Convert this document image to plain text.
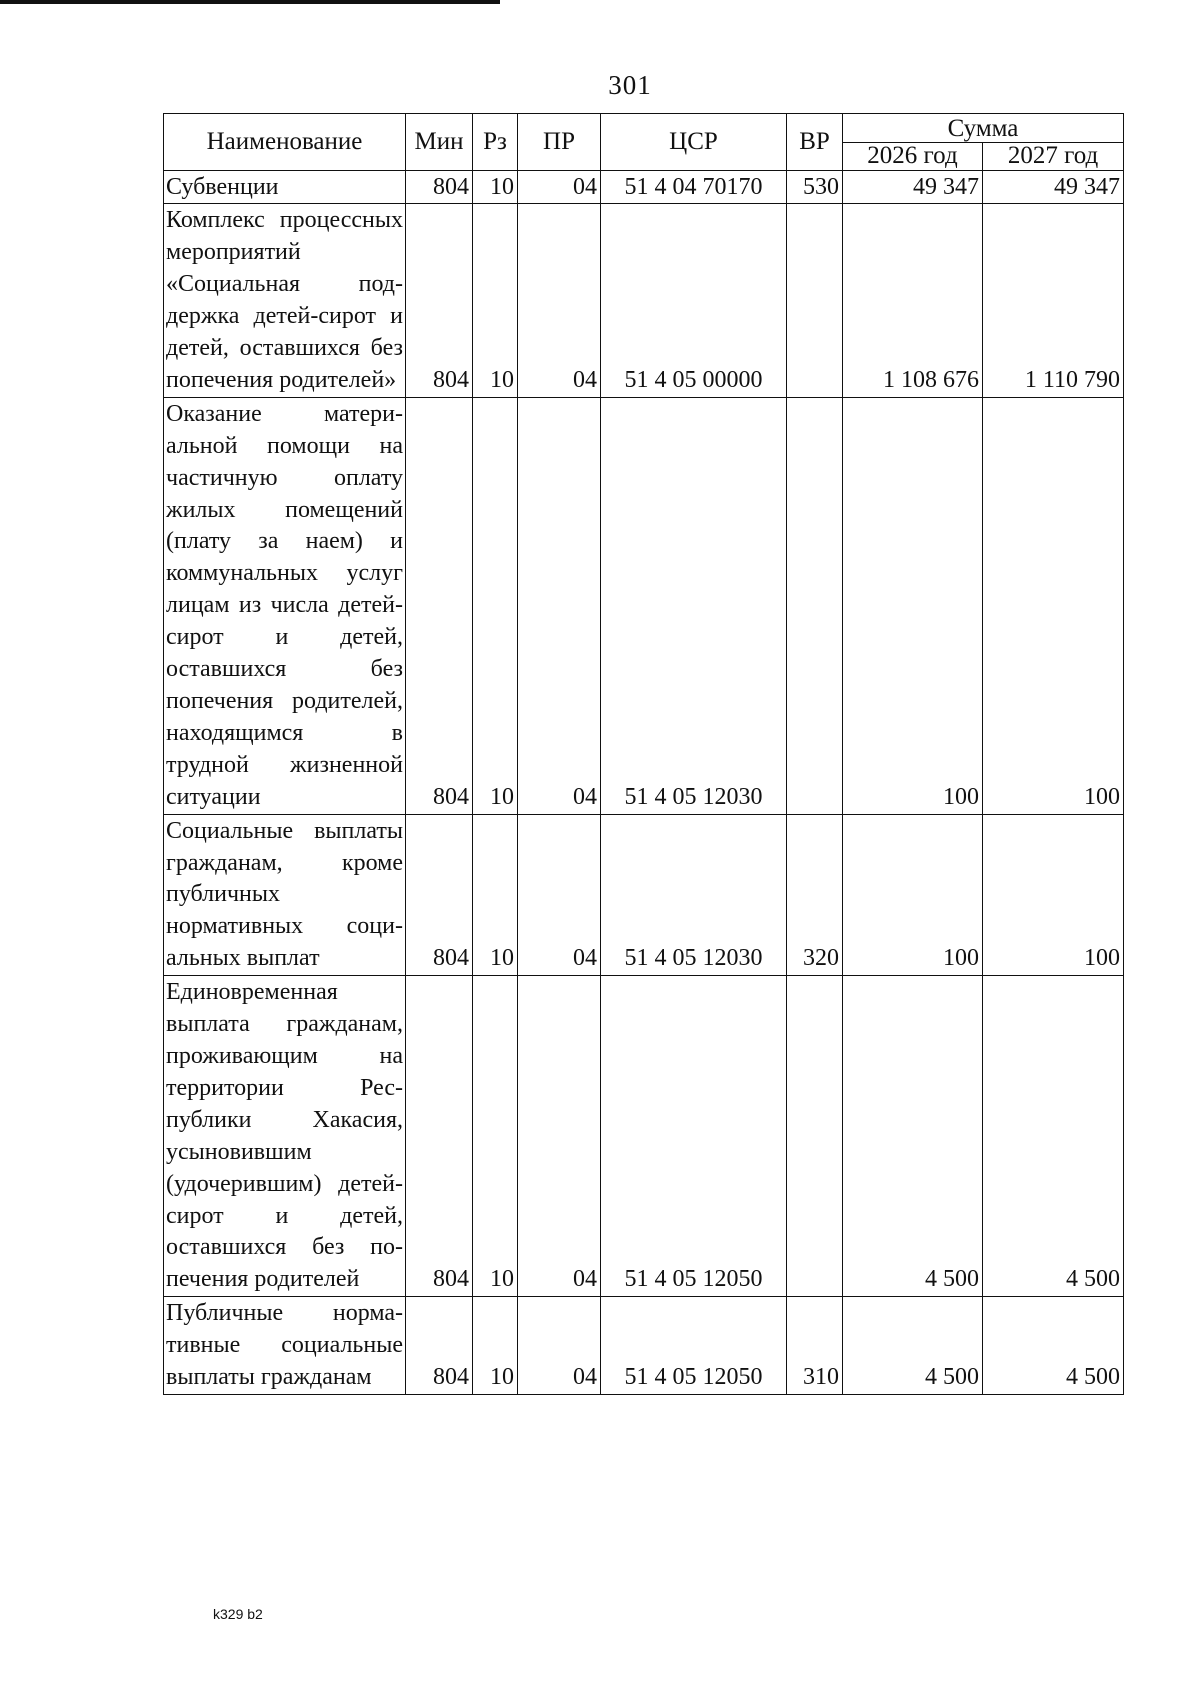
301
Наименование	Мин	Рз	ПР	ЦСР	ВР	Сумма	
						2026 год	2027 год
Субвенции	804	10	04	51 4 04 70170	530	49 347	49 347
Комплекс процессных мероприятий «Социальная поддержка детей-сирот и детей, оставшихся без попечения родителей»	804	10	04	51 4 05 00000		1 108 676	1 110 790
Оказание материальной помощи на частичную оплату жилых помещений (плату за наем) и коммунальных услуг лицам из числа детей-сирот и детей, оставшихся без попечения родителей, находящимся в трудной жизненной ситуации	804	10	04	51 4 05 12030		100	100
Социальные выплаты гражданам, кроме публичных нормативных социальных выплат	804	10	04	51 4 05 12030	320	100	100
Единовременная выплата гражданам, проживающим на территории Республики Хакасия, усыновившим (удочерившим) детей-сирот и детей, оставшихся без попечения родителей	804	10	04	51 4 05 12050		4 500	4 500
Публичные нормативные социальные выплаты гражданам	804	10	04	51 4 05 12050	310	4 500	4 500
k329 b2
